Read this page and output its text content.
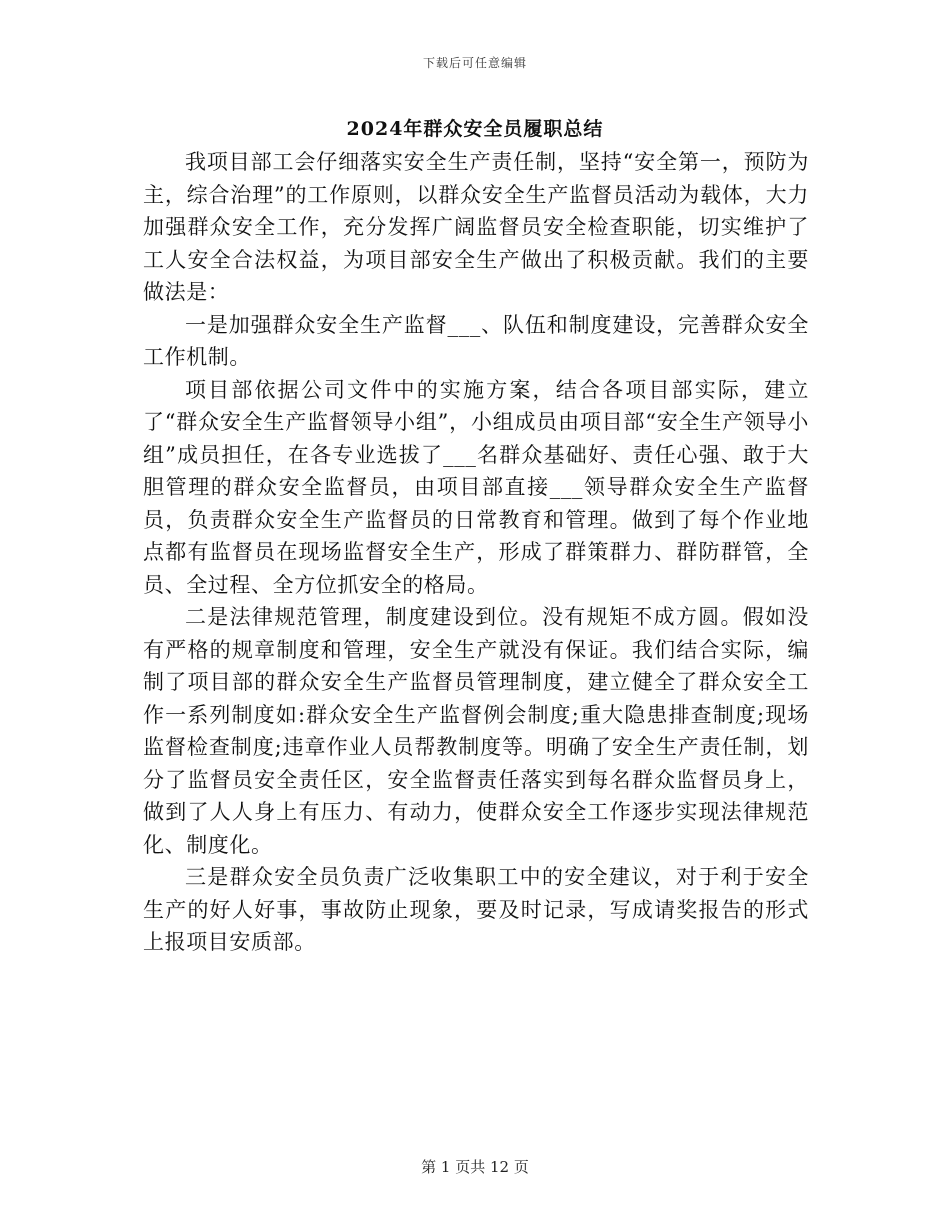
下载后可任意编辑
2024年群众安全员履职总结

我项目部工会仔细落实安全生产责任制，坚持“安全第一，预防为主，综合治理”的工作原则，以群众安全生产监督员活动为载体，大力加强群众安全工作，充分发挥广阔监督员安全检查职能，切实维护了工人安全合法权益，为项目部安全生产做出了积极贡献。我们的主要做法是：

一是加强群众安全生产监督___、队伍和制度建设，完善群众安全工作机制。

项目部依据公司文件中的实施方案，结合各项目部实际，建立了“群众安全生产监督领导小组”，小组成员由项目部“安全生产领导小组”成员担任，在各专业选拔了___名群众基础好、责任心强、敢于大胆管理的群众安全监督员，由项目部直接___领导群众安全生产监督员，负责群众安全生产监督员的日常教育和管理。做到了每个作业地点都有监督员在现场监督安全生产，形成了群策群力、群防群管，全员、全过程、全方位抓安全的格局。

二是法律规范管理，制度建设到位。没有规矩不成方圆。假如没有严格的规章制度和管理，安全生产就没有保证。我们结合实际，编制了项目部的群众安全生产监督员管理制度，建立健全了群众安全工作一系列制度如:群众安全生产监督例会制度;重大隐患排查制度;现场监督检查制度;违章作业人员帮教制度等。明确了安全生产责任制，划分了监督员安全责任区，安全监督责任落实到每名群众监督员身上，做到了人人身上有压力、有动力，使群众安全工作逐步实现法律规范化、制度化。

三是群众安全员负责广泛收集职工中的安全建议，对于利于安全生产的好人好事，事故防止现象，要及时记录，写成请奖报告的形式上报项目安质部。

第 1 页共 12 页
